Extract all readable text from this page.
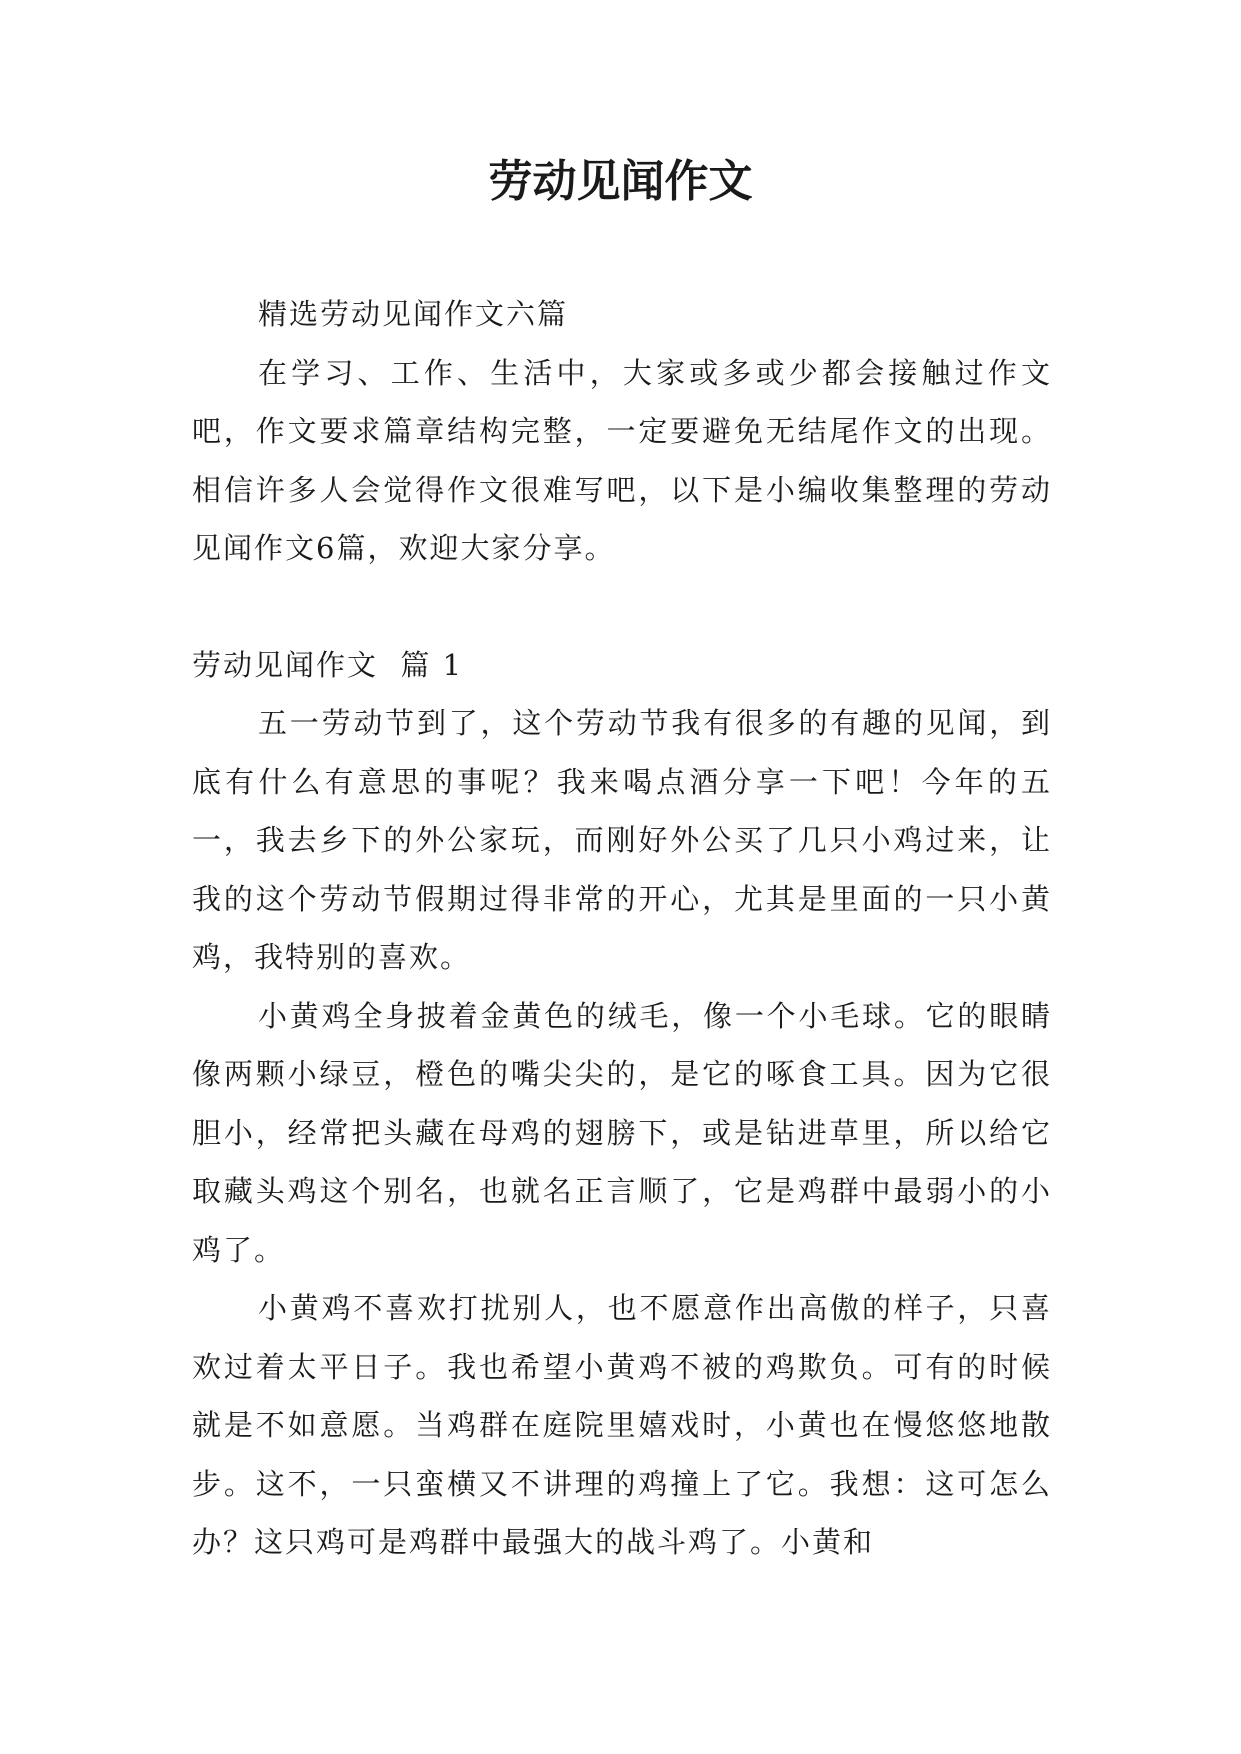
劳动见闻作文

精选劳动见闻作文六篇

在学习、工作、生活中，大家或多或少都会接触过作文吧，作文要求篇章结构完整，一定要避免无结尾作文的出现。相信许多人会觉得作文很难写吧，以下是小编收集整理的劳动见闻作文6篇，欢迎大家分享。

劳动见闻作文  篇 1

五一劳动节到了，这个劳动节我有很多的有趣的见闻，到底有什么有意思的事呢？我来喝点酒分享一下吧！今年的五一，我去乡下的外公家玩，而刚好外公买了几只小鸡过来，让我的这个劳动节假期过得非常的开心，尤其是里面的一只小黄鸡，我特别的喜欢。

小黄鸡全身披着金黄色的绒毛，像一个小毛球。它的眼睛像两颗小绿豆，橙色的嘴尖尖的，是它的啄食工具。因为它很胆小，经常把头藏在母鸡的翅膀下，或是钻进草里，所以给它取藏头鸡这个别名，也就名正言顺了，它是鸡群中最弱小的小鸡了。

小黄鸡不喜欢打扰别人，也不愿意作出高傲的样子，只喜欢过着太平日子。我也希望小黄鸡不被的鸡欺负。可有的时候就是不如意愿。当鸡群在庭院里嬉戏时，小黄也在慢悠悠地散步。这不，一只蛮横又不讲理的鸡撞上了它。我想：这可怎么办？这只鸡可是鸡群中最强大的战斗鸡了。小黄和
